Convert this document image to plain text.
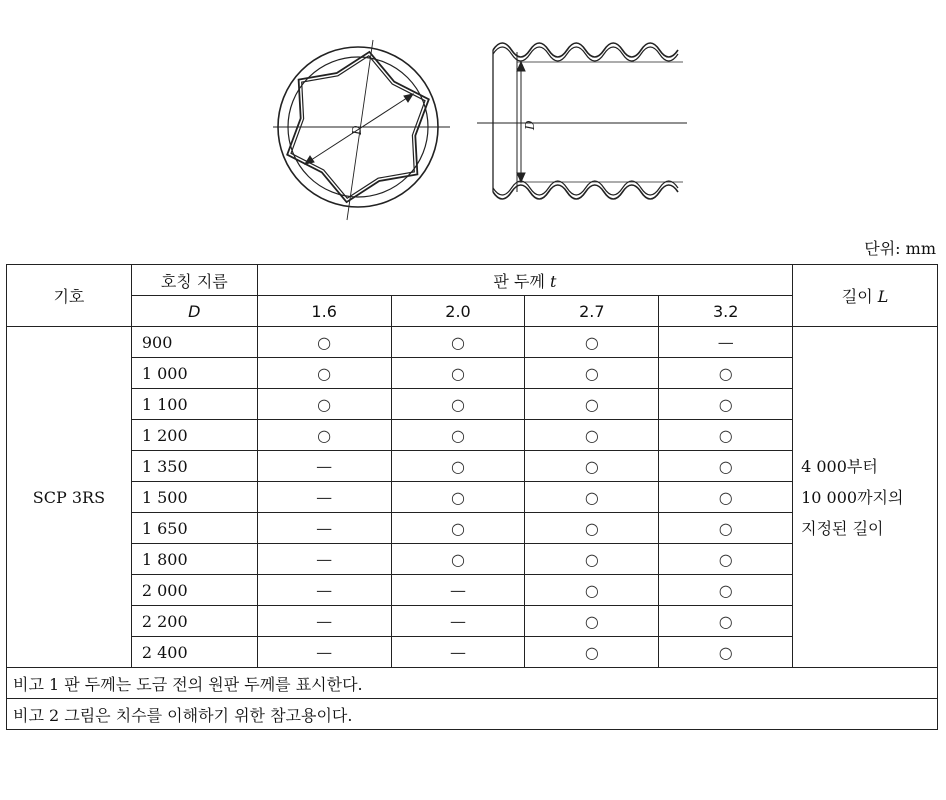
D
D
단위: mm
기호	호칭 지름	판 두께 t				길이 L
	D	1.6	2.0	2.7	3.2	
SCP 3RS	900	○	○	○	—	4 000부터
10 000까지의
지정된 길이

	1 000	○	○	○	○	
	1 100	○	○	○	○	
	1 200	○	○	○	○	
	1 350	—	○	○	○	
	1 500	—	○	○	○	
	1 650	—	○	○	○	
	1 800	—	○	○	○	
	2 000	—	—	○	○	
	2 200	—	—	○	○	
	2 400	—	—	○	○	
비고 1 판 두께는 도금 전의 원판 두께를 표시한다.						
비고 2 그림은 치수를 이해하기 위한 참고용이다.						
